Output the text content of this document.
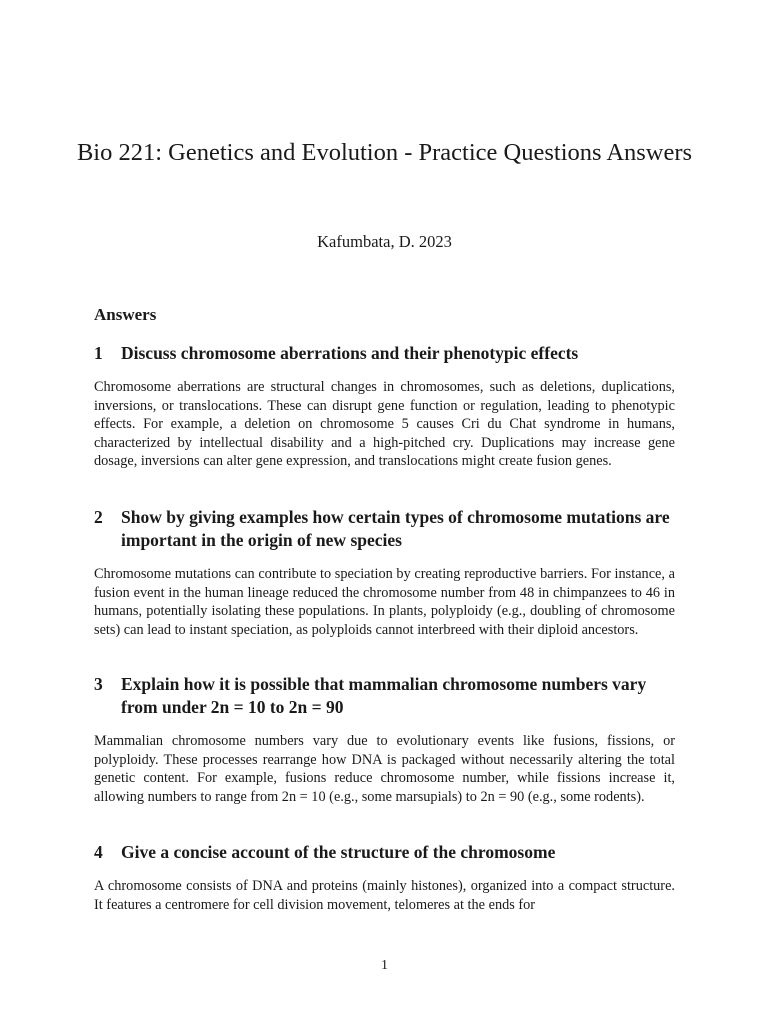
Bio 221: Genetics and Evolution - Practice Questions Answers
Kafumbata, D. 2023
Answers
1	Discuss chromosome aberrations and their phenotypic effects
Chromosome aberrations are structural changes in chromosomes, such as deletions, duplications, inversions, or translocations. These can disrupt gene function or regulation, leading to phenotypic effects. For example, a deletion on chromosome 5 causes Cri du Chat syndrome in humans, characterized by intellectual disability and a high-pitched cry. Duplications may increase gene dosage, inversions can alter gene expression, and translocations might create fusion genes.
2	Show by giving examples how certain types of chromosome mutations are important in the origin of new species
Chromosome mutations can contribute to speciation by creating reproductive barriers. For instance, a fusion event in the human lineage reduced the chromosome number from 48 in chimpanzees to 46 in humans, potentially isolating these populations. In plants, polyploidy (e.g., doubling of chromosome sets) can lead to instant speciation, as polyploids cannot interbreed with their diploid ancestors.
3	Explain how it is possible that mammalian chromosome numbers vary from under 2n = 10 to 2n = 90
Mammalian chromosome numbers vary due to evolutionary events like fusions, fissions, or polyploidy. These processes rearrange how DNA is packaged without necessarily altering the total genetic content. For example, fusions reduce chromosome number, while fissions increase it, allowing numbers to range from 2n = 10 (e.g., some marsupials) to 2n = 90 (e.g., some rodents).
4	Give a concise account of the structure of the chromosome
A chromosome consists of DNA and proteins (mainly histones), organized into a compact structure. It features a centromere for cell division movement, telomeres at the ends for
1
